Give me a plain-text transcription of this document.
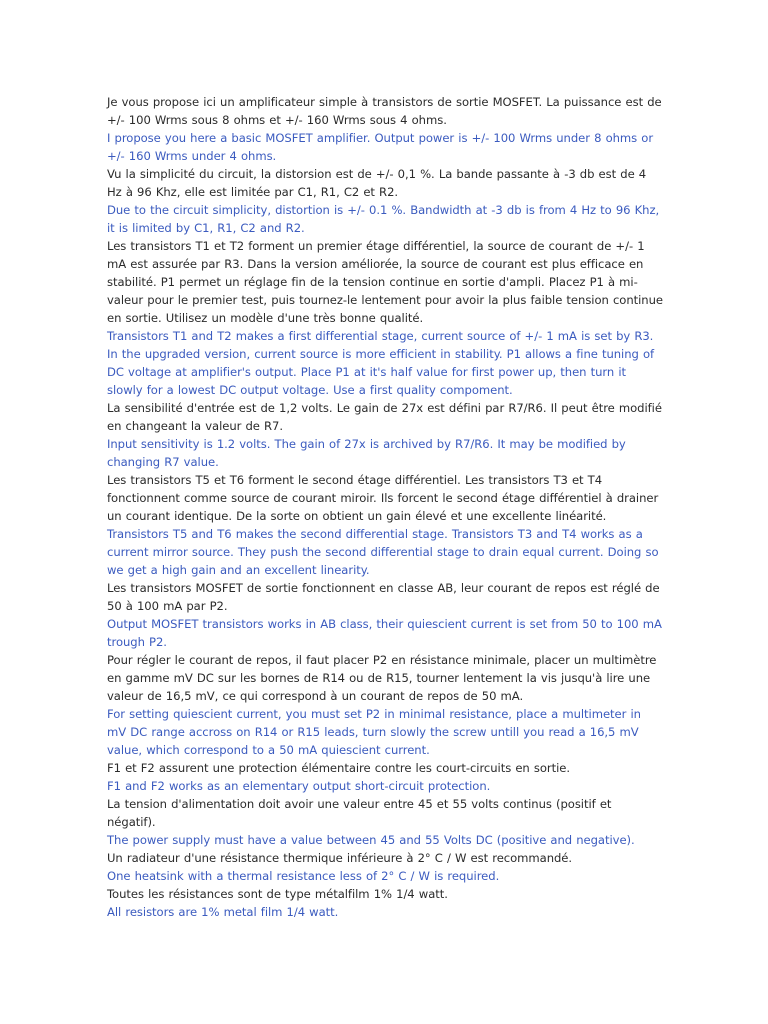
Je vous propose ici un amplificateur simple à transistors de sortie MOSFET. La puissance est de +/- 100 Wrms sous 8 ohms et +/- 160 Wrms sous 4 ohms.

I propose you here a basic MOSFET amplifier. Output power is +/- 100 Wrms under 8 ohms or +/- 160 Wrms under 4 ohms.

Vu la simplicité du circuit, la distorsion est de +/- 0,1 %. La bande passante à -3 db est de 4 Hz à 96 Khz, elle est limitée par C1, R1, C2 et R2.

Due to the circuit simplicity, distortion is +/- 0.1 %. Bandwidth at -3 db is from 4 Hz to 96 Khz, it is limited by C1, R1, C2 and R2.

Les transistors T1 et T2 forment un premier étage différentiel, la source de courant de +/- 1 mA est assurée par R3. Dans la version améliorée, la source de courant est plus efficace en stabilité. P1 permet un réglage fin de la tension continue en sortie d'ampli. Placez P1 à mi-valeur pour le premier test, puis tournez-le lentement pour avoir la plus faible tension continue en sortie. Utilisez un modèle d'une très bonne qualité.

Transistors T1 and T2 makes a first differential stage, current source of +/- 1 mA is set by R3. In the upgraded version, current source is more efficient in stability. P1 allows a fine tuning of DC voltage at amplifier's output. Place P1 at it's half value for first power up, then turn it slowly for a lowest DC output voltage. Use a first quality compoment.

La sensibilité d'entrée est de 1,2 volts. Le gain de 27x est défini par R7/R6. Il peut être modifié en changeant la valeur de R7.

Input sensitivity is 1.2 volts. The gain of 27x is archived by R7/R6. It may be modified by changing R7 value.

Les transistors T5 et T6 forment le second étage différentiel. Les transistors T3 et T4 fonctionnent comme source de courant miroir. Ils forcent le second étage différentiel à drainer un courant identique. De la sorte on obtient un gain élevé et une excellente linéarité.

Transistors T5 and T6 makes the second differential stage. Transistors T3 and T4 works as a current mirror source. They push the second differential stage to drain equal current. Doing so we get a high gain and an excellent linearity.

Les transistors MOSFET de sortie fonctionnent en classe AB, leur courant de repos est réglé de 50 à 100 mA par P2.

Output MOSFET transistors works in AB class, their quiescient current is set from 50 to 100 mA trough P2.

Pour régler le courant de repos, il faut placer P2 en résistance minimale, placer un multimètre en gamme mV DC sur les bornes de R14 ou de R15, tourner lentement la vis jusqu'à lire une valeur de 16,5 mV, ce qui correspond à un courant de repos de 50 mA.

For setting quiescient current, you must set P2 in minimal resistance, place a multimeter in mV DC range accross on R14 or R15 leads, turn slowly the screw untill you read a 16,5 mV value, which correspond to a 50 mA quiescient current.

F1 et F2 assurent une protection élémentaire contre les court-circuits en sortie.

F1 and F2 works as an elementary output short-circuit protection.

La tension d'alimentation doit avoir une valeur entre 45 et 55 volts continus (positif et négatif).

The power supply must have a value between 45 and 55 Volts DC (positive and negative).

Un radiateur d'une résistance thermique inférieure à 2° C / W est recommandé.

One heatsink with a thermal resistance less of 2° C / W is required.

Toutes les résistances sont de type métalfilm 1% 1/4 watt.

All resistors are 1% metal film 1/4 watt.
